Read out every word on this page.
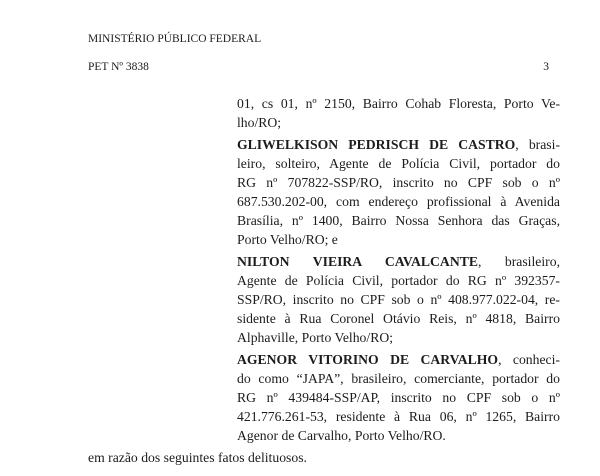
MINISTÉRIO PÚBLICO FEDERAL
PET Nº 3838	3
01, cs 01, nº 2150, Bairro Cohab Floresta, Porto Ve-
lho/RO;
GLIWELKISON PEDRISCH DE CASTRO, brasi-
leiro, solteiro, Agente de Polícia Civil, portador do
RG nº 707822-SSP/RO, inscrito no CPF sob o nº
687.530.202-00, com endereço profissional à Avenida
Brasília, nº 1400, Bairro Nossa Senhora das Graças,
Porto Velho/RO; e
NILTON VIEIRA CAVALCANTE, brasileiro,
Agente de Polícia Civil, portador do RG nº 392357-
SSP/RO, inscrito no CPF sob o nº 408.977.022-04, re-
sidente à Rua Coronel Otávio Reis, nº 4818, Bairro
Alphaville, Porto Velho/RO;
AGENOR VITORINO DE CARVALHO, conheci-
do como “JAPA”, brasileiro, comerciante, portador do
RG nº 439484-SSP/AP, inscrito no CPF sob o nº
421.776.261-53, residente à Rua 06, nº 1265, Bairro
Agenor de Carvalho, Porto Velho/RO.
em razão dos seguintes fatos delituosos.
